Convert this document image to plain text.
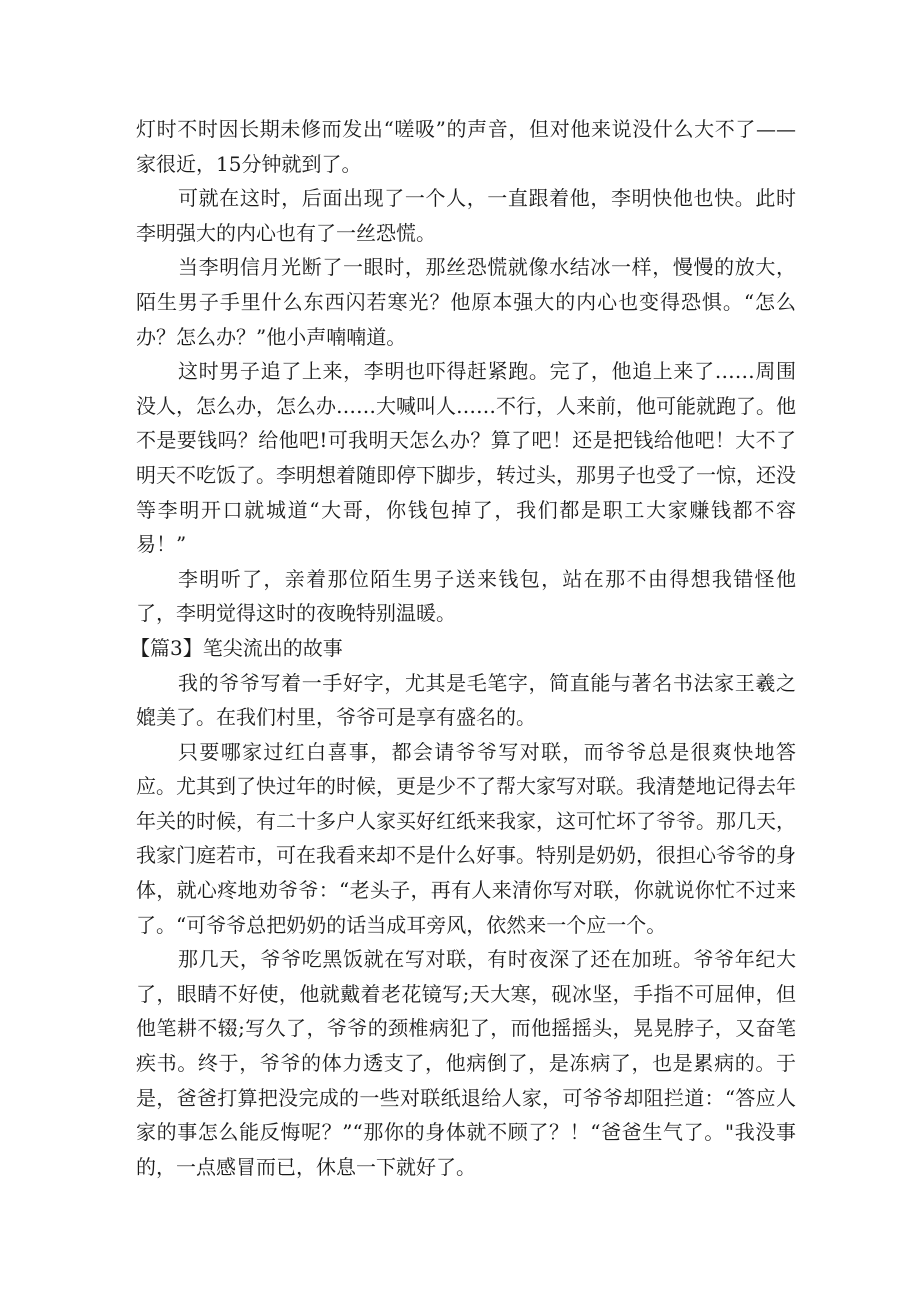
灯时不时因长期未修而发出“嗟吸”的声音，但对他来说没什么大不了——家很近，15分钟就到了。

可就在这时，后面出现了一个人，一直跟着他，李明快他也快。此时李明强大的内心也有了一丝恐慌。

当李明信月光断了一眼时，那丝恐慌就像水结冰一样，慢慢的放大，陌生男子手里什么东西闪若寒光？他原本强大的内心也变得恐惧。“怎么办？怎么办？”他小声喃喃道。

这时男子追了上来，李明也吓得赶紧跑。完了，他追上来了……周围没人，怎么办，怎么办……大喊叫人……不行，人来前，他可能就跑了。他不是要钱吗？给他吧!可我明天怎么办？算了吧！还是把钱给他吧！大不了明天不吃饭了。李明想着随即停下脚步，转过头，那男子也受了一惊，还没等李明开口就城道“大哥，你钱包掉了，我们都是职工大家赚钱都不容易！”

李明听了，亲着那位陌生男子送来钱包，站在那不由得想我错怪他了，李明觉得这时的夜晚特别温暖。

【篇3】笔尖流出的故事

我的爷爷写着一手好字，尤其是毛笔字，简直能与著名书法家王羲之媲美了。在我们村里，爷爷可是享有盛名的。

只要哪家过红白喜事，都会请爷爷写对联，而爷爷总是很爽快地答应。尤其到了快过年的时候，更是少不了帮大家写对联。我清楚地记得去年年关的时候，有二十多户人家买好红纸来我家，这可忙坏了爷爷。那几天，我家门庭若市，可在我看来却不是什么好事。特别是奶奶，很担心爷爷的身体，就心疼地劝爷爷：“老头子，再有人来清你写对联，你就说你忙不过来了。“可爷爷总把奶奶的话当成耳旁风，依然来一个应一个。

那几天，爷爷吃黑饭就在写对联，有时夜深了还在加班。爷爷年纪大了，眼睛不好使，他就戴着老花镜写;天大寒，砚冰坚，手指不可屈伸，但他笔耕不辍;写久了，爷爷的颈椎病犯了，而他摇摇头，晃晃脖子，又奋笔疾书。终于，爷爷的体力透支了，他病倒了，是冻病了，也是累病的。于是，爸爸打算把没完成的一些对联纸退给人家，可爷爷却阻拦道：“答应人家的事怎么能反悔呢？”“那你的身体就不顾了？！“爸爸生气了。"我没事的，一点感冒而已，休息一下就好了。
